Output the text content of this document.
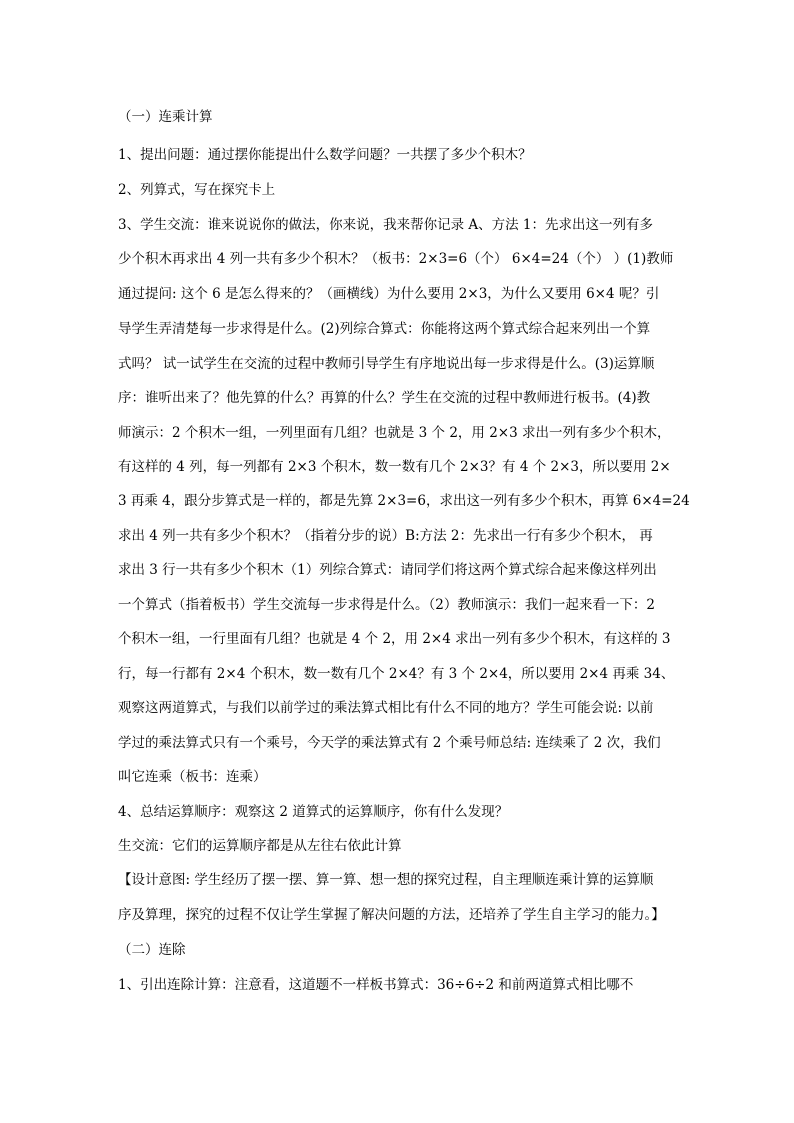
（一）连乘计算
1、提出问题：通过摆你能提出什么数学问题？一共摆了多少个积木？
2、列算式，写在探究卡上
3、学生交流：谁来说说你的做法，你来说，我来帮你记录 A、方法 1：先求出这一列有多
少个积木再求出 4 列一共有多少个积木？（板书：2×3=6（个） 6×4=24（个） ）(1)教师
通过提问: 这个 6 是怎么得来的？（画横线）为什么要用 2×3，为什么又要用 6×4 呢？引
导学生弄清楚每一步求得是什么。(2)列综合算式：你能将这两个算式综合起来列出一个算
式吗？ 试一试学生在交流的过程中教师引导学生有序地说出每一步求得是什么。(3)运算顺
序：谁听出来了？他先算的什么？再算的什么？学生在交流的过程中教师进行板书。(4)教
师演示：2 个积木一组，一列里面有几组？也就是 3 个 2，用 2×3 求出一列有多少个积木，
有这样的 4 列，每一列都有 2×3 个积木，数一数有几个 2×3？有 4 个 2×3，所以要用 2×
3 再乘 4，跟分步算式是一样的，都是先算 2×3=6，求出这一列有多少个积木，再算 6×4=24
求出 4 列一共有多少个积木？（指着分步的说）B:方法 2：先求出一行有多少个积木， 再
求出 3 行一共有多少个积木（1）列综合算式：请同学们将这两个算式综合起来像这样列出
一个算式（指着板书）学生交流每一步求得是什么。（2）教师演示：我们一起来看一下：2
个积木一组，一行里面有几组？也就是 4 个 2，用 2×4 求出一列有多少个积木，有这样的 3
行，每一行都有 2×4 个积木，数一数有几个 2×4？有 3 个 2×4，所以要用 2×4 再乘 34、
观察这两道算式，与我们以前学过的乘法算式相比有什么不同的地方？学生可能会说: 以前
学过的乘法算式只有一个乘号，今天学的乘法算式有 2 个乘号师总结: 连续乘了 2 次，我们
叫它连乘（板书：连乘）
4、总结运算顺序：观察这 2 道算式的运算顺序，你有什么发现？
生交流：它们的运算顺序都是从左往右依此计算
【设计意图: 学生经历了摆一摆、算一算、想一想的探究过程，自主理顺连乘计算的运算顺
序及算理，探究的过程不仅让学生掌握了解决问题的方法，还培养了学生自主学习的能力。】
（二）连除
1、引出连除计算：注意看，这道题不一样板书算式：36÷6÷2 和前两道算式相比哪不
